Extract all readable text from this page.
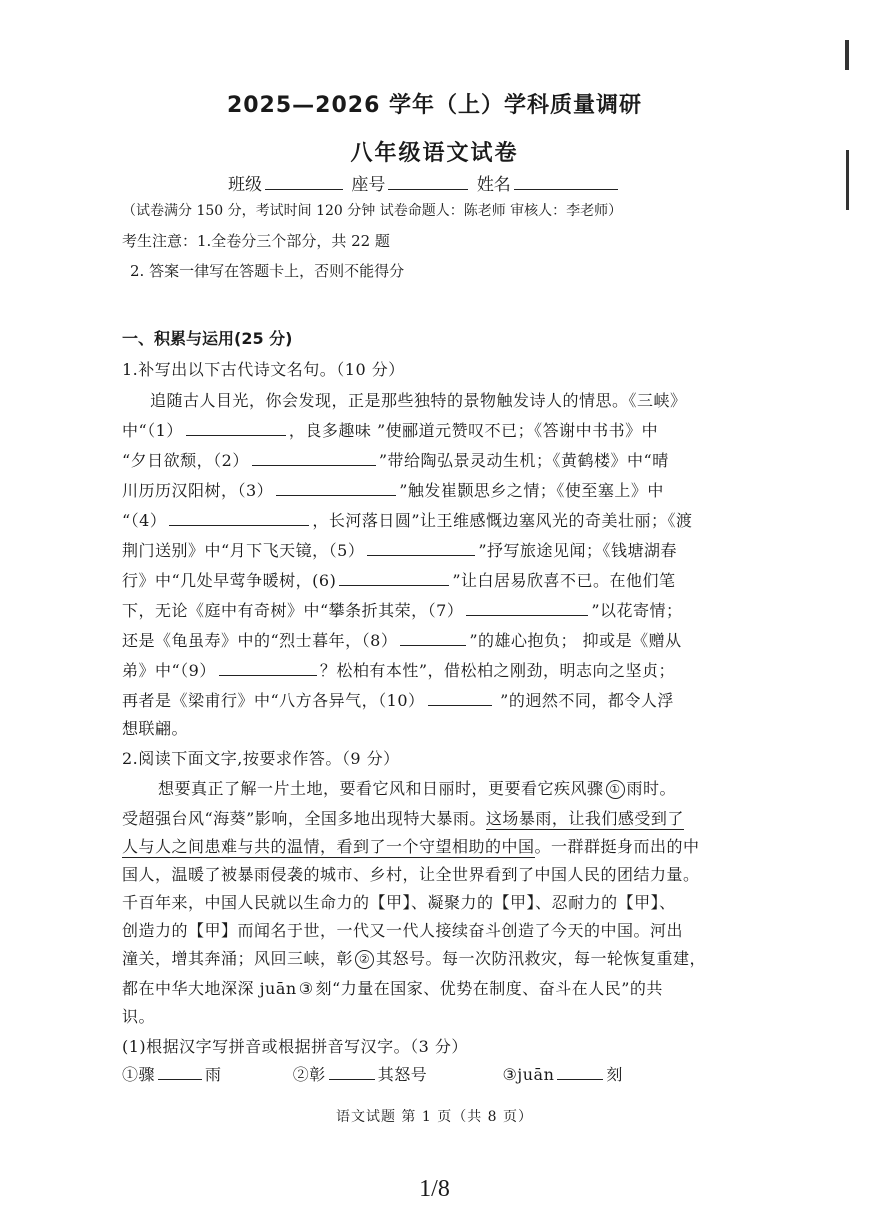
2025—2026 学年（上）学科质量调研
八年级语文试卷
班级	座号	姓名
（试卷满分 150 分，考试时间 120 分钟 试卷命题人：陈老师 审核人：李老师）
考生注意：1.全卷分三个部分，共 22 题
2. 答案一律写在答题卡上，否则不能得分
一、积累与运用(25 分)
1.补写出以下古代诗文名句。（10 分）
追随古人目光，你会发现，正是那些独特的景物触发诗人的情思。《三峡》
中“（1）	，良多趣味 ”使郦道元赞叹不已；《答谢中书书》中
“夕日欲颓，（2）	”带给陶弘景灵动生机；《黄鹤楼》中“晴
川历历汉阳树，（3）	”触发崔颢思乡之情；《使至塞上》中
“（4）	，长河落日圆”让王维感慨边塞风光的奇美壮丽；《渡
荆门送别》中“月下飞天镜，（5）	”抒写旅途见闻；《钱塘湖春
行》中“几处早莺争暖树，(6)	”让白居易欣喜不已。在他们笔
下，无论《庭中有奇树》中“攀条折其荣，（7）	”以花寄情；
还是《龟虽寿》中的“烈士暮年，（8）	”的雄心抱负； 抑或是《赠从
弟》中“（9）	？松柏有本性”，借松柏之刚劲，明志向之坚贞；
再者是《梁甫行》中“八方各异气，（10）	”的迥然不同，都令人浮
想联翩。
2.阅读下面文字,按要求作答。（9 分）
想要真正了解一片土地，要看它风和日丽时，更要看它疾风骤 ① 雨时。
受超强台风“海葵”影响，全国多地出现特大暴雨。这场暴雨，让我们感受到了
人与人之间患难与共的温情，看到了一个守望相助的中国。一群群挺身而出的中
国人，温暖了被暴雨侵袭的城市、乡村，让全世界看到了中国人民的团结力量。
千百年来，中国人民就以生命力的【甲】、凝聚力的【甲】、忍耐力的【甲】、
创造力的【甲】而闻名于世，一代又一代人接续奋斗创造了今天的中国。河出
潼关，增其奔涌；风回三峡，彰 ② 其怒号。每一次防汛救灾，每一轮恢复重建，
都在中华大地深深 juān ③ 刻“力量在国家、优势在制度、奋斗在人民”的共
识。
(1)根据汉字写拼音或根据拼音写汉字。（3 分）
①骤	雨	②彰	其怒号	③juān	刻
语文试题 第 1 页（共 8 页）
1/8
